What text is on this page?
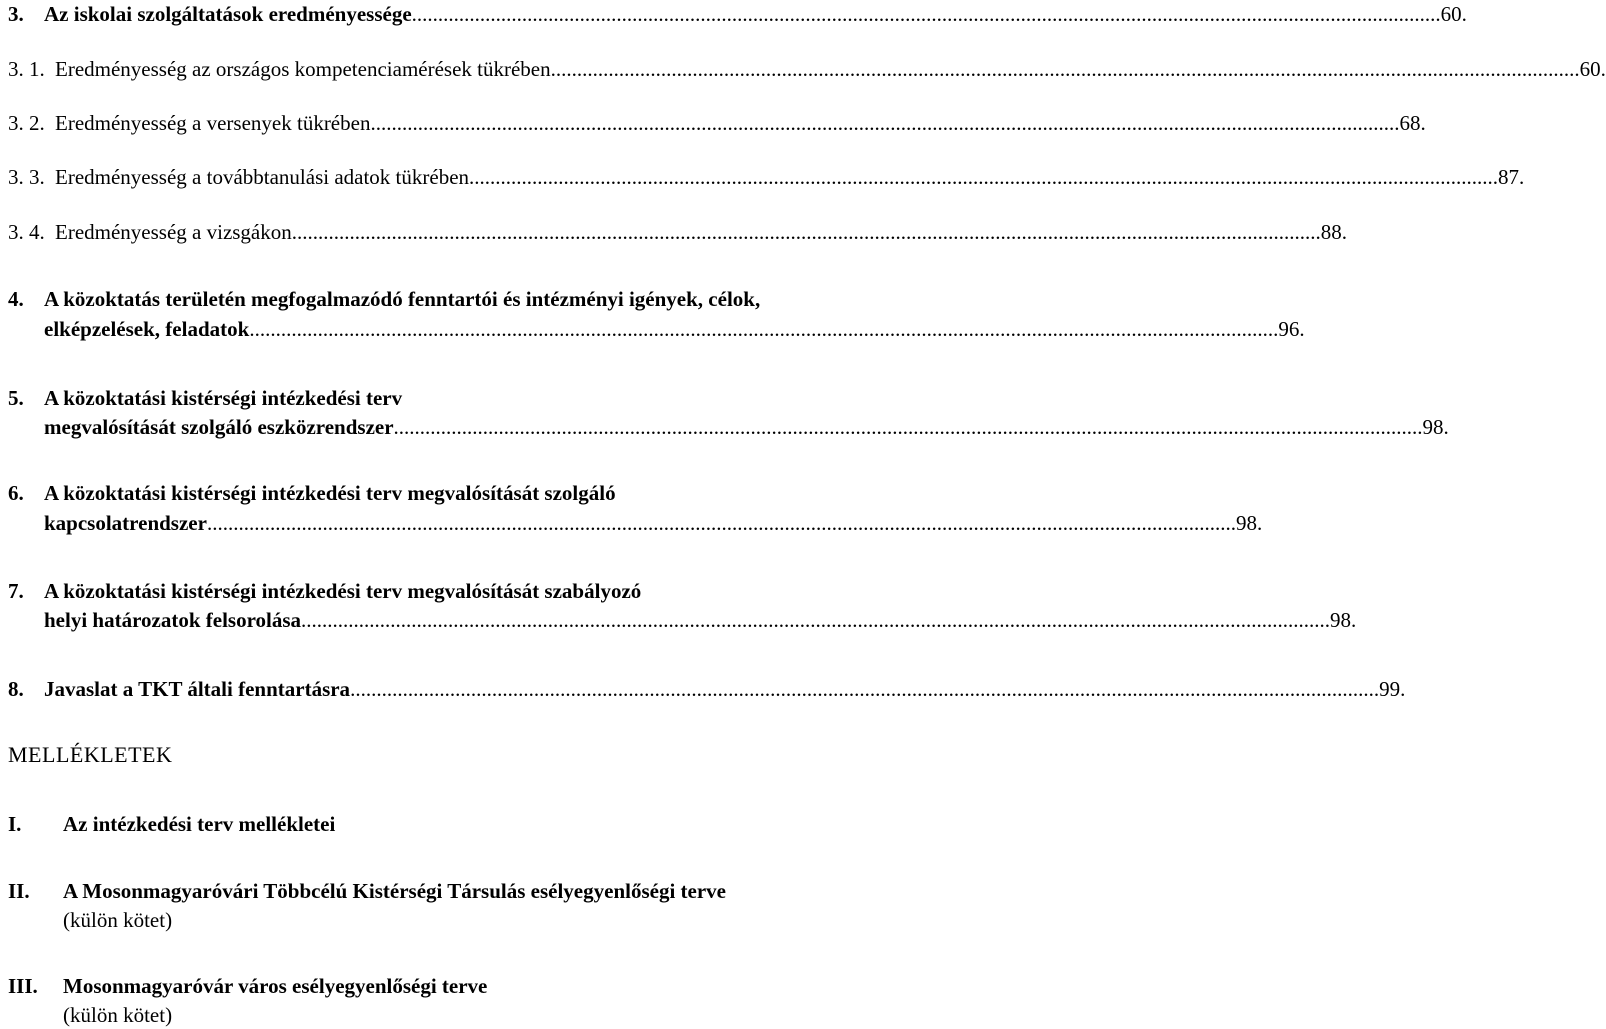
3. Az iskolai szolgáltatások eredményessége .................................................................................................................................................................................................... 60.
3. 1. Eredményesség az országos kompetenciamérések tükrében .................................................................................................................................................................................................... 60.
3. 2. Eredményesség a versenyek tükrében .................................................................................................................................................................................................... 68.
3. 3. Eredményesség a továbbtanulási adatok tükrében .................................................................................................................................................................................................... 87.
3. 4. Eredményesség a vizsgákon .................................................................................................................................................................................................... 88.
4. A közoktatás területén megfogalmazódó fenntartói és intézményi igények, célok,
elképzelések, feladatok .................................................................................................................................................................................................... 96.
5. A közoktatási kistérségi intézkedési terv
megvalósítását szolgáló eszközrendszer .................................................................................................................................................................................................... 98.
6. A közoktatási kistérségi intézkedési terv megvalósítását szolgáló
kapcsolatrendszer .................................................................................................................................................................................................... 98.
7. A közoktatási kistérségi intézkedési terv megvalósítását szabályozó
helyi határozatok felsorolása .................................................................................................................................................................................................... 98.
8. Javaslat a TKT általi fenntartásra .................................................................................................................................................................................................... 99.
MELLÉKLETEK
I. Az intézkedési terv mellékletei
II. A Mosonmagyaróvári Többcélú Kistérségi Társulás esélyegyenlőségi terve
(külön kötet)
III. Mosonmagyaróvár város esélyegyenlőségi terve
(külön kötet)
